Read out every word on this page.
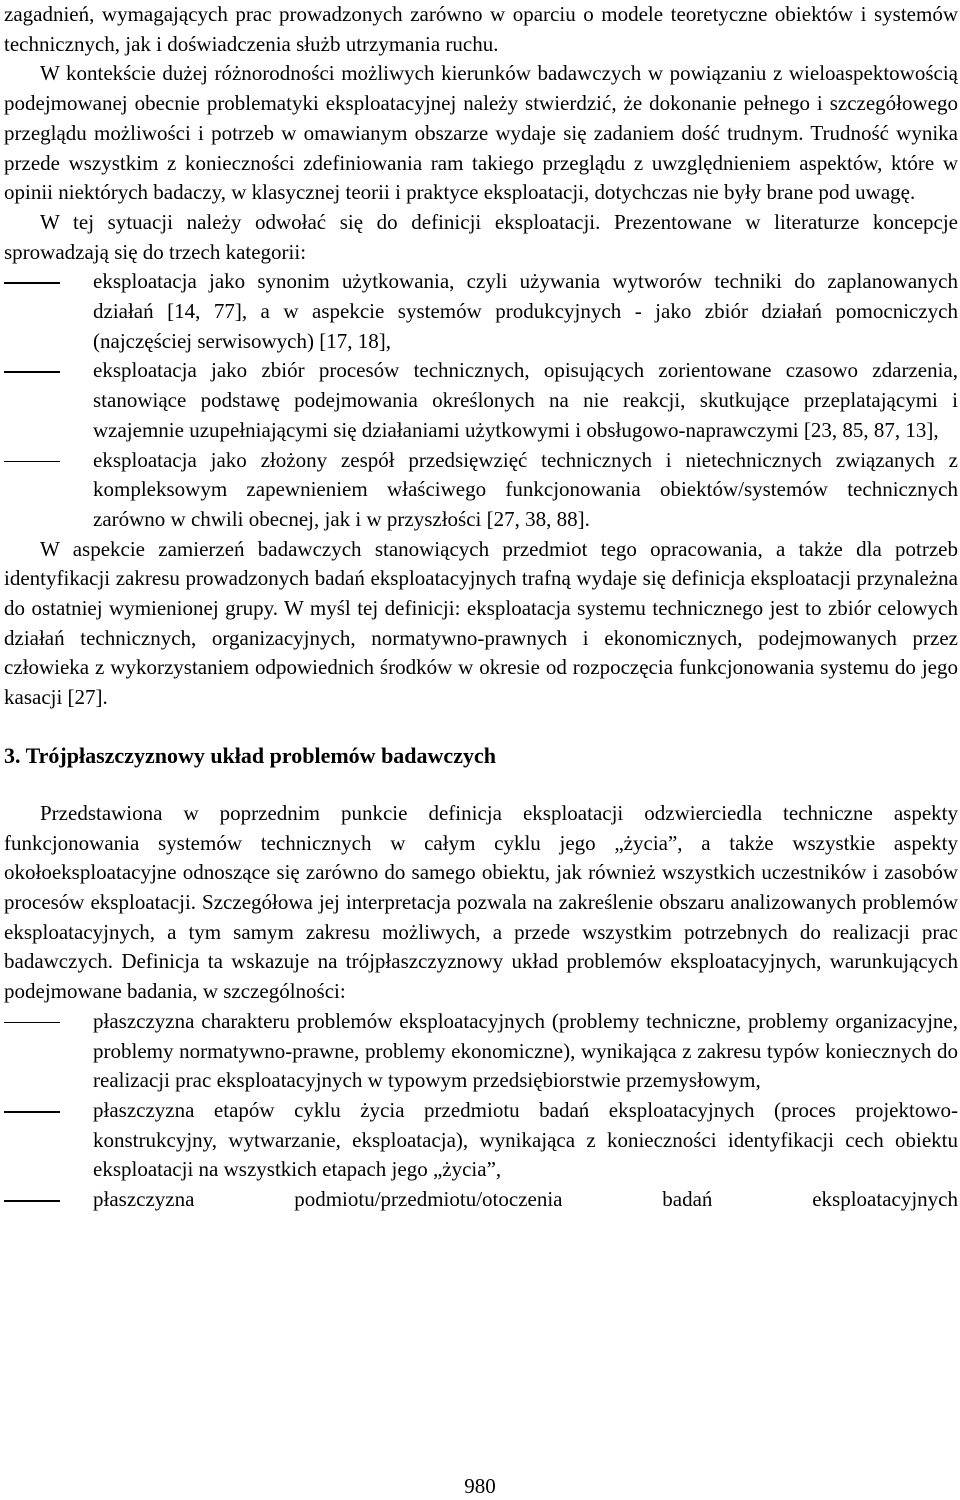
zagadnień, wymagających prac prowadzonych zarówno w oparciu o modele teoretyczne obiektów i systemów technicznych, jak i doświadczenia służb utrzymania ruchu.

W kontekście dużej różnorodności możliwych kierunków badawczych w powiązaniu z wieloaspektowością podejmowanej obecnie problematyki eksploatacyjnej należy stwierdzić, że dokonanie pełnego i szczegółowego przeglądu możliwości i potrzeb w omawianym obszarze wydaje się zadaniem dość trudnym. Trudność wynika przede wszystkim z konieczności zdefiniowania ram takiego przeglądu z uwzględnieniem aspektów, które w opinii niektórych badaczy, w klasycznej teorii i praktyce eksploatacji, dotychczas nie były brane pod uwagę.

W tej sytuacji należy odwołać się do definicji eksploatacji. Prezentowane w literaturze koncepcje sprowadzają się do trzech kategorii:

eksploatacja jako synonim użytkowania, czyli używania wytworów techniki do zaplanowanych działań [14, 77], a w aspekcie systemów produkcyjnych - jako zbiór działań pomocniczych (najczęściej serwisowych) [17, 18],

eksploatacja jako zbiór procesów technicznych, opisujących zorientowane czasowo zdarzenia, stanowiące podstawę podejmowania określonych na nie reakcji, skutkujące przeplatającymi i wzajemnie uzupełniającymi się działaniami użytkowymi i obsługowo-naprawczymi [23, 85, 87, 13],

eksploatacja jako złożony zespół przedsięwzięć technicznych i nietechnicznych związanych z kompleksowym zapewnieniem właściwego funkcjonowania obiektów/systemów technicznych zarówno w chwili obecnej, jak i w przyszłości [27, 38, 88].

W aspekcie zamierzeń badawczych stanowiących przedmiot tego opracowania, a także dla potrzeb identyfikacji zakresu prowadzonych badań eksploatacyjnych trafną wydaje się definicja eksploatacji przynależna do ostatniej wymienionej grupy. W myśl tej definicji: eksploatacja systemu technicznego jest to zbiór celowych działań technicznych, organizacyjnych, normatywno-prawnych i ekonomicznych, podejmowanych przez człowieka z wykorzystaniem odpowiednich środków w okresie od rozpoczęcia funkcjonowania systemu do jego kasacji [27].

3. Trójpłaszczyznowy układ problemów badawczych

Przedstawiona w poprzednim punkcie definicja eksploatacji odzwierciedla techniczne aspekty funkcjonowania systemów technicznych w całym cyklu jego „życia”, a także wszystkie aspekty okołoeksploatacyjne odnoszące się zarówno do samego obiektu, jak również wszystkich uczestników i zasobów procesów eksploatacji. Szczegółowa jej interpretacja pozwala na zakreślenie obszaru analizowanych problemów eksploatacyjnych, a tym samym zakresu możliwych, a przede wszystkim potrzebnych do realizacji prac badawczych. Definicja ta wskazuje na trójpłaszczyznowy układ problemów eksploatacyjnych, warunkujących podejmowane badania, w szczególności:

płaszczyzna charakteru problemów eksploatacyjnych (problemy techniczne, problemy organizacyjne, problemy normatywno-prawne, problemy ekonomiczne), wynikająca z zakresu typów koniecznych do realizacji prac eksploatacyjnych w typowym przedsiębiorstwie przemysłowym,

płaszczyzna etapów cyklu życia przedmiotu badań eksploatacyjnych (proces projektowo-konstrukcyjny, wytwarzanie, eksploatacja), wynikająca z konieczności identyfikacji cech obiektu eksploatacji na wszystkich etapach jego „życia”,

płaszczyzna podmiotu/przedmiotu/otoczenia badań eksploatacyjnych

980
